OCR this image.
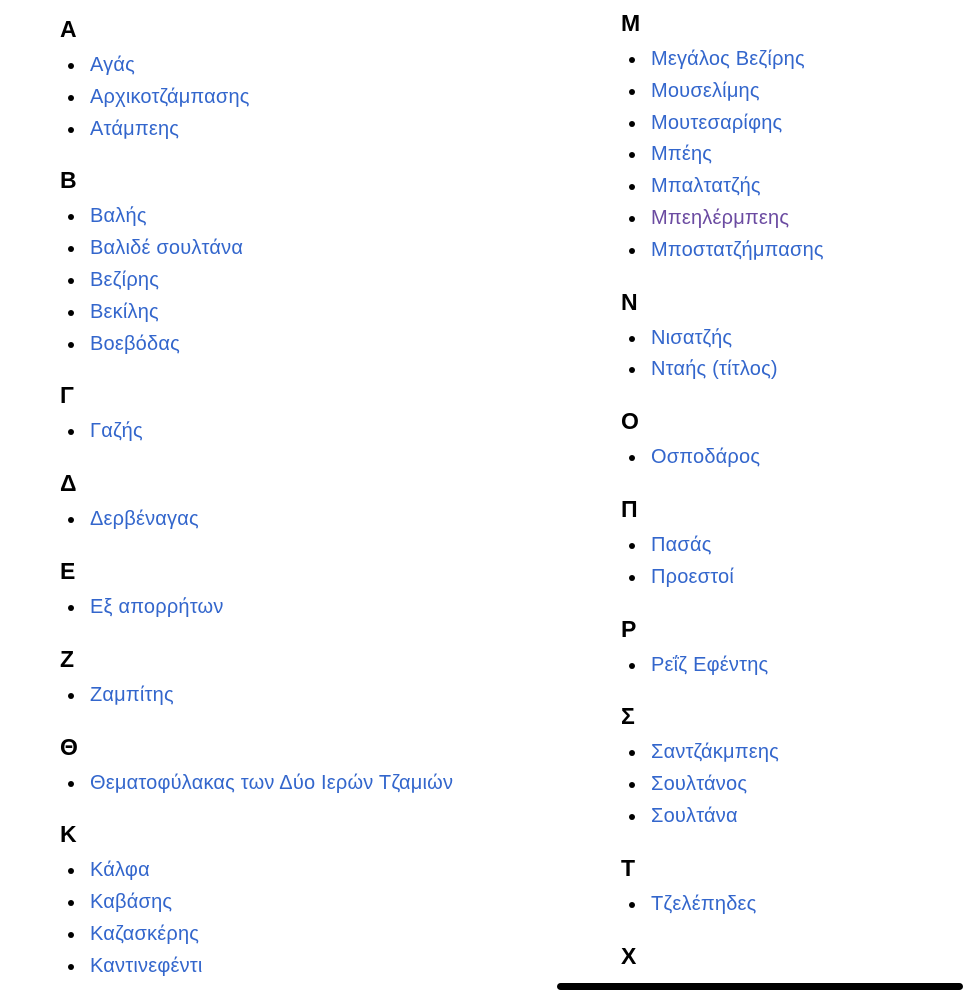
Α
Αγάς
Αρχικοτζάμπασης
Ατάμπεης
Β
Βαλής
Βαλιδέ σουλτάνα
Βεζίρης
Βεκίλης
Βοεβόδας
Γ
Γαζής
Δ
Δερβέναγας
Ε
Εξ απορρήτων
Ζ
Ζαμπίτης
Θ
Θεματοφύλακας των Δύο Ιερών Τζαμιών
Κ
Κάλφα
Καβάσης
Καζασκέρης
Καντινεφέντι
Μ
Μεγάλος Βεζίρης
Μουσελίμης
Μουτεσαρίφης
Μπέης
Μπαλτατζής
Μπεηλέρμπεης
Μποστατζήμπασης
Ν
Νισατζής
Νταής (τίτλος)
Ο
Οσποδάρος
Π
Πασάς
Προεστοί
Ρ
Ρεΐζ Εφέντης
Σ
Σαντζάκμπεης
Σουλτάνος
Σουλτάνα
Τ
Τζελέπηδες
Χ
